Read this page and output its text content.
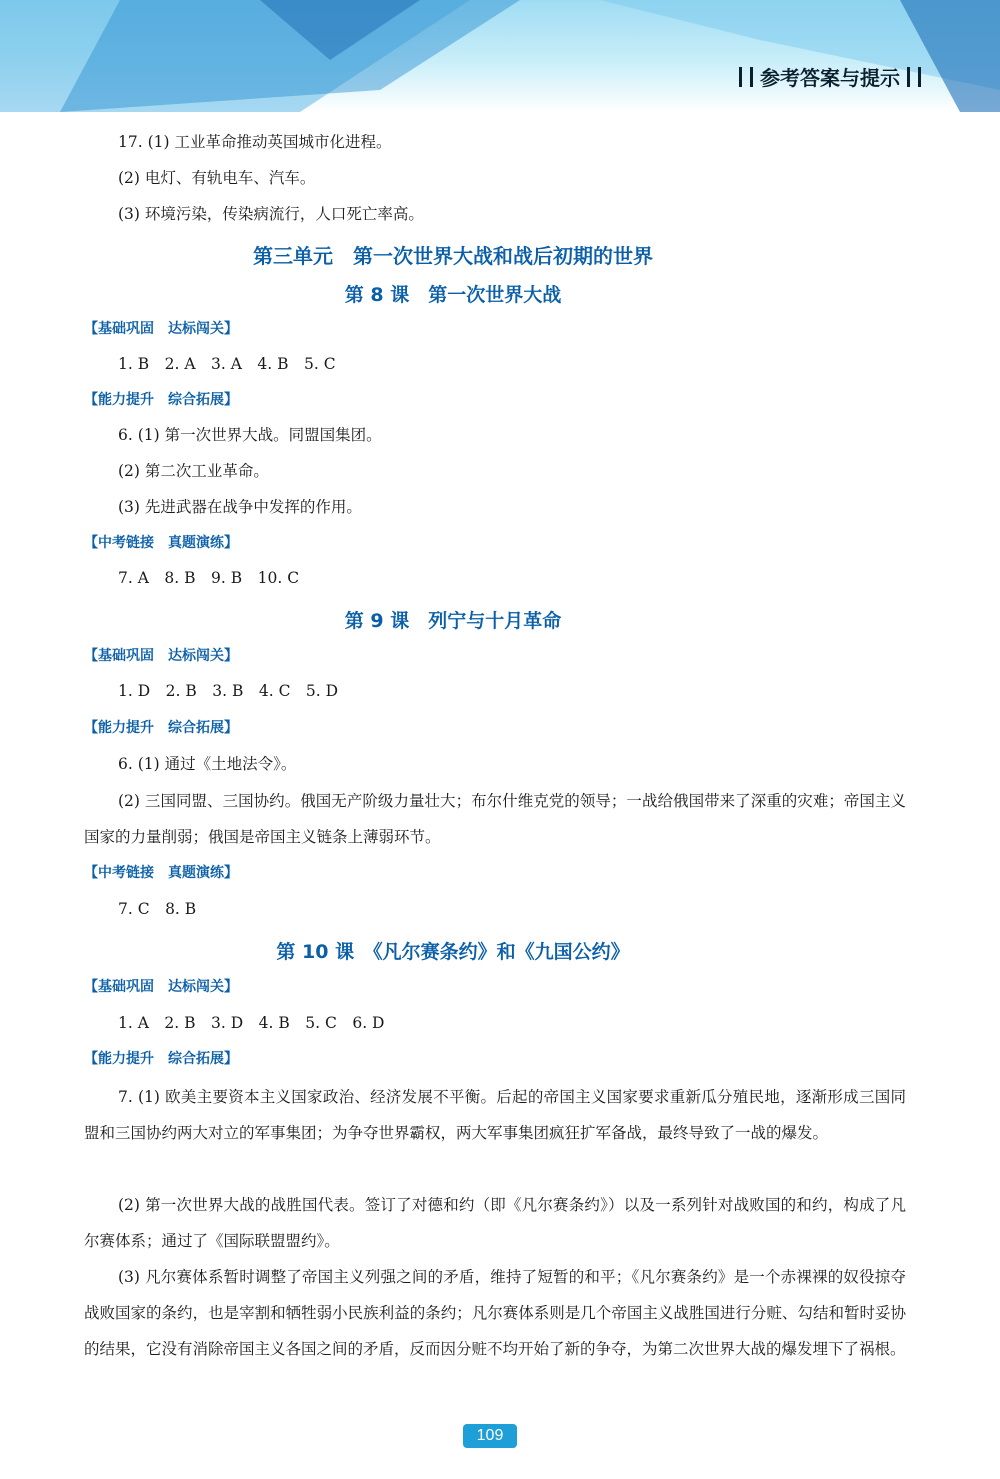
参考答案与提示
17. (1) 工业革命推动英国城市化进程。
(2) 电灯、有轨电车、汽车。
(3) 环境污染，传染病流行，人口死亡率高。
第三单元　第一次世界大战和战后初期的世界
第 8 课　第一次世界大战
【基础巩固　达标闯关】
1. B　2. A　3. A　4. B　5. C
【能力提升　综合拓展】
6. (1) 第一次世界大战。同盟国集团。
(2) 第二次工业革命。
(3) 先进武器在战争中发挥的作用。
【中考链接　真题演练】
7. A　8. B　9. B　10. C
第 9 课　列宁与十月革命
【基础巩固　达标闯关】
1. D　2. B　3. B　4. C　5. D
【能力提升　综合拓展】
6. (1) 通过《土地法令》。
(2) 三国同盟、三国协约。俄国无产阶级力量壮大；布尔什维克党的领导；一战给俄国带来了深重的灾难；帝国主义国家的力量削弱；俄国是帝国主义链条上薄弱环节。
【中考链接　真题演练】
7. C　8. B
第 10 课　《凡尔赛条约》和《九国公约》
【基础巩固　达标闯关】
1. A　2. B　3. D　4. B　5. C　6. D
【能力提升　综合拓展】
7. (1) 欧美主要资本主义国家政治、经济发展不平衡。后起的帝国主义国家要求重新瓜分殖民地，逐渐形成三国同盟和三国协约两大对立的军事集团；为争夺世界霸权，两大军事集团疯狂扩军备战，最终导致了一战的爆发。
(2) 第一次世界大战的战胜国代表。签订了对德和约（即《凡尔赛条约》）以及一系列针对战败国的和约，构成了凡尔赛体系；通过了《国际联盟盟约》。
(3) 凡尔赛体系暂时调整了帝国主义列强之间的矛盾，维持了短暂的和平；《凡尔赛条约》是一个赤裸裸的奴役掠夺战败国家的条约，也是宰割和牺牲弱小民族利益的条约；凡尔赛体系则是几个帝国主义战胜国进行分赃、勾结和暂时妥协的结果，它没有消除帝国主义各国之间的矛盾，反而因分赃不均开始了新的争夺，为第二次世界大战的爆发埋下了祸根。
109
